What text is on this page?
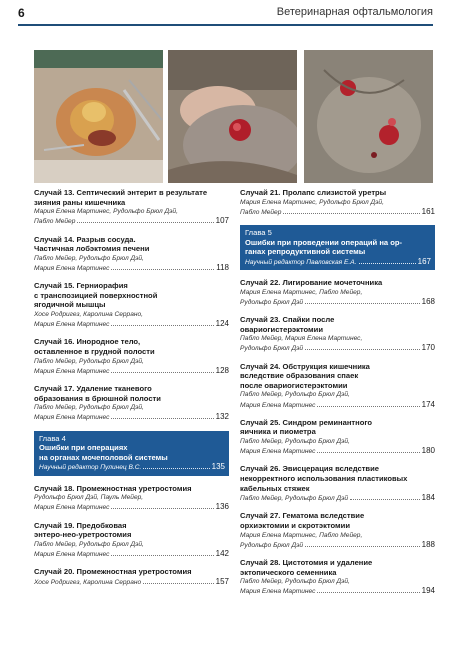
6	Ветеринарная офтальмология
Случай 13. Септический энтерит в результате
зияния раны кишечника
Мария Елена Мартинес, Рудольфо Брюл Дэй,
Пабло Мейер	107
Случай 14. Разрыв сосуда.
Частичная лобэктомия печени
Пабло Мейер, Рудольфо Брюл Дэй,
Мария Елена Мартинес	118
Случай 15. Герниорафия
с транспозицией поверхностной
ягодичной мышцы
Хосе Родригез, Каролина Серрано,
Мария Елена Мартинес	124
Случай 16. Инородное тело,
оставленное в грудной полости
Пабло Мейер, Рудольфо Брюл Дэй,
Мария Елена Мартинес	128
Случай 17. Удаление тканевого
образования в брюшной полости
Пабло Мейер, Рудольфо Брюл Дэй,
Мария Елена Мартинес	132
Глава 4
Ошибки при операциях
на органах мочеполовой системы
Научный редактор Пулинец В.С.	135
Случай 18. Промежностная уретростомия
Рудольфо Брюл Дэй, Пауль Мейер,
Мария Елена Мартинес	136
Случай 19. Предобковая
энтеро-нео-уретростомия
Пабло Мейер, Рудольфо Брюл Дэй,
Мария Елена Мартинес	142
Случай 20. Промежностная уретростомия
Хосе Родригез, Каролина Серрано	157
Случай 21. Пролапс слизистой уретры
Мария Елена Мартинес, Рудольфо Брюл Дэй,
Пабло Мейер	161
Глава 5
Ошибки при проведении операций на ор-
ганах репродуктивной системы
Научный редактор Павловская Е.А.	167
Случай 22. Лигирование мочеточника
Мария Елена Мартинес, Пабло Мейер,
Рудольфо Брюл Дэй	168
Случай 23. Спайки после
овариогистерэктомии
Пабло Мейер, Мария Елена Мартинес,
Рудольфо Брюл Дэй	170
Случай 24. Обструкция кишечника
вследствие образования спаек
после овариогистерэктомии
Пабло Мейер, Рудольфо Брюл Дэй,
Мария Елена Мартинес	174
Случай 25. Синдром реминантного
яичника и пиометра
Пабло Мейер, Рудольфо Брюл Дэй,
Мария Елена Мартинес	180
Случай 26. Эвисцерация вследствие
некорректного использования пластиковых
кабельных стяжек
Пабло Мейер, Рудольфо Брюл Дэй	184
Случай 27. Гематома вследствие
орхиэктомии и скротэктомии
Мария Елена Мартинес, Пабло Мейер,
Рудольфо Брюл Дэй	188
Случай 28. Цистотомия и удаление
эктопического семенника
Пабло Мейер, Рудольфо Брюл Дэй,
Мария Елена Мартинес	194
